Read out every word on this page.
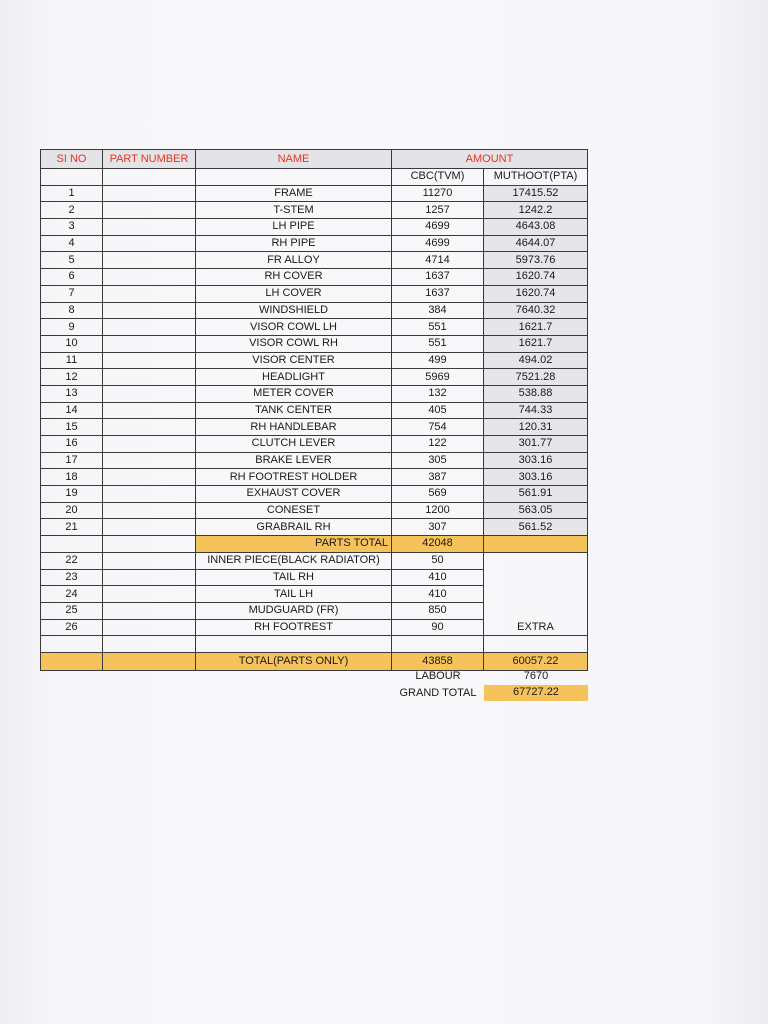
SI NO	PART NUMBER	NAME	AMOUNT	
			CBC(TVM)	MUTHOOT(PTA)
1		FRAME	11270	17415.52
2		T-STEM	1257	1242.2
3		LH PIPE	4699	4643.08
4		RH PIPE	4699	4644.07
5		FR ALLOY	4714	5973.76
6		RH COVER	1637	1620.74
7		LH COVER	1637	1620.74
8		WINDSHIELD	384	7640.32
9		VISOR COWL LH	551	1621.7
10		VISOR COWL RH	551	1621.7
11		VISOR CENTER	499	494.02
12		HEADLIGHT	5969	7521.28
13		METER COVER	132	538.88
14		TANK CENTER	405	744.33
15		RH HANDLEBAR	754	120.31
16		CLUTCH LEVER	122	301.77
17		BRAKE LEVER	305	303.16
18		RH FOOTREST HOLDER	387	303.16
19		EXHAUST COVER	569	561.91
20		CONESET	1200	563.05
21		GRABRAIL RH	307	561.52
		PARTS TOTAL	42048	
22		INNER PIECE(BLACK RADIATOR)	50	
23		TAIL RH	410	
24		TAIL LH	410	
25		MUDGUARD (FR)	850	
26		RH FOOTREST	90	EXTRA

		TOTAL(PARTS ONLY)	43858	60057.22
LABOUR	7670
GRAND TOTAL	67727.22
